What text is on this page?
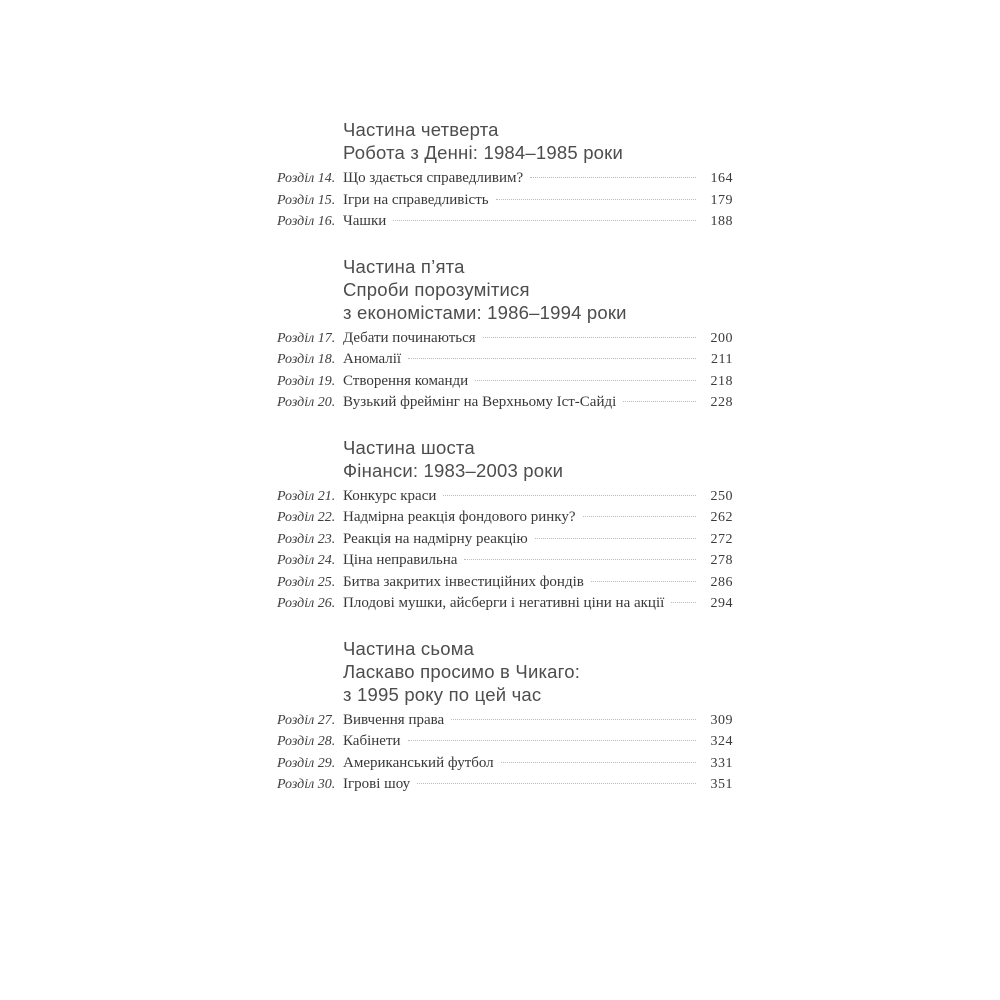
Частина четверта
Робота з Денні: 1984–1985 роки
Розділ 14. Що здається справедливим?	164
Розділ 15. Ігри на справедливість	179
Розділ 16. Чашки	188
Частина п’ята
Спроби порозумітися
з економістами: 1986–1994 роки
Розділ 17. Дебати починаються	200
Розділ 18. Аномалії	211
Розділ 19. Створення команди	218
Розділ 20. Вузький фреймінг на Верхньому Іст-Сайді	228
Частина шоста
Фінанси: 1983–2003 роки
Розділ 21. Конкурс краси	250
Розділ 22. Надмірна реакція фондового ринку?	262
Розділ 23. Реакція на надмірну реакцію	272
Розділ 24. Ціна неправильна	278
Розділ 25. Битва закритих інвестиційних фондів	286
Розділ 26. Плодові мушки, айсберги і негативні ціни на акції	294
Частина сьома
Ласкаво просимо в Чикаго:
з 1995 року по цей час
Розділ 27. Вивчення права	309
Розділ 28. Кабінети	324
Розділ 29. Американський футбол	331
Розділ 30. Ігрові шоу	351
